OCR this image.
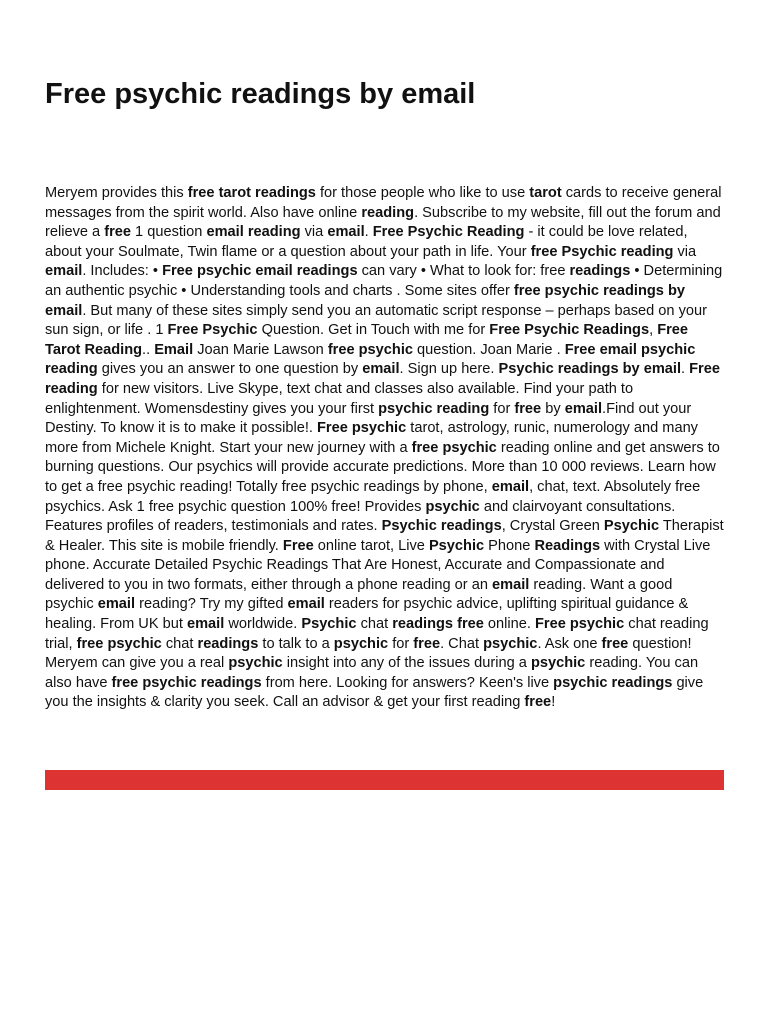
Free psychic readings by email

Meryem provides this free tarot readings for those people who like to use tarot cards to receive general messages from the spirit world. Also have online reading. Subscribe to my website, fill out the forum and relieve a free 1 question email reading via email. Free Psychic Reading - it could be love related, about your Soulmate, Twin flame or a question about your path in life. Your free Psychic reading via email. Includes: • Free psychic email readings can vary • What to look for: free readings • Determining an authentic psychic • Understanding tools and charts . Some sites offer free psychic readings by email. But many of these sites simply send you an automatic script response – perhaps based on your sun sign, or life . 1 Free Psychic Question. Get in Touch with me for Free Psychic Readings, Free Tarot Reading.. Email Joan Marie Lawson free psychic question. Joan Marie . Free email psychic reading gives you an answer to one question by email. Sign up here. Psychic readings by email. Free reading for new visitors. Live Skype, text chat and classes also available. Find your path to enlightenment. Womensdestiny gives you your first psychic reading for free by email.Find out your Destiny. To know it is to make it possible!. Free psychic tarot, astrology, runic, numerology and many more from Michele Knight. Start your new journey with a free psychic reading online and get answers to burning questions. Our psychics will provide accurate predictions. More than 10 000 reviews. Learn how to get a free psychic reading! Totally free psychic readings by phone, email, chat, text. Absolutely free psychics. Ask 1 free psychic question 100% free! Provides psychic and clairvoyant consultations. Features profiles of readers, testimonials and rates. Psychic readings, Crystal Green Psychic Therapist & Healer. This site is mobile friendly. Free online tarot, Live Psychic Phone Readings with Crystal Live phone. Accurate Detailed Psychic Readings That Are Honest, Accurate and Compassionate and delivered to you in two formats, either through a phone reading or an email reading. Want a good psychic email reading? Try my gifted email readers for psychic advice, uplifting spiritual guidance & healing. From UK but email worldwide. Psychic chat readings free online. Free psychic chat reading trial, free psychic chat readings to talk to a psychic for free. Chat psychic. Ask one free question! Meryem can give you a real psychic insight into any of the issues during a psychic reading. You can also have free psychic readings from here. Looking for answers? Keen's live psychic readings give you the insights & clarity you seek. Call an advisor & get your first reading free!
